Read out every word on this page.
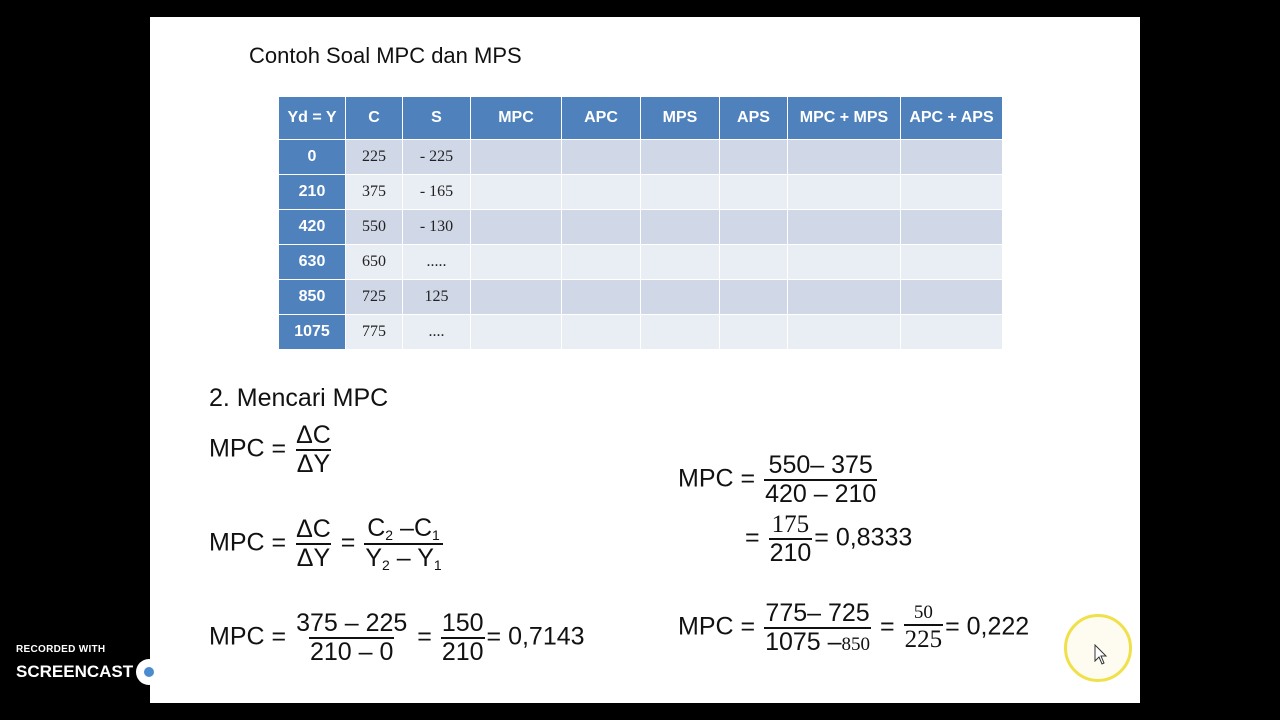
Contoh Soal MPC dan MPS
Yd = Y	C	S	MPC	APC	MPS	APS	MPC + MPS	APC + APS
0	225	- 225						
210	375	- 165						
420	550	- 130						
630	650	.....						
850	725	125						
1075	775	....						
2. Mencari MPC
MPC = $\frac{\Delta C}{\Delta Y}$
MPC = $\frac{\Delta C}{\Delta Y} = \frac{C_2 -C_1}{Y_2 - Y_1}$
MPC = $\frac{375 - 225}{210 - 0} = \frac{150}{210} = 0,7143$
MPC = $\frac{550- 375}{420 - 210}$
= $\frac{175}{210} = 0,8333$
MPC = $\frac{775- 725}{1075 -850} = \frac{50}{225} = 0,222$
RECORDED WITH
SCREENCAST MATIC
